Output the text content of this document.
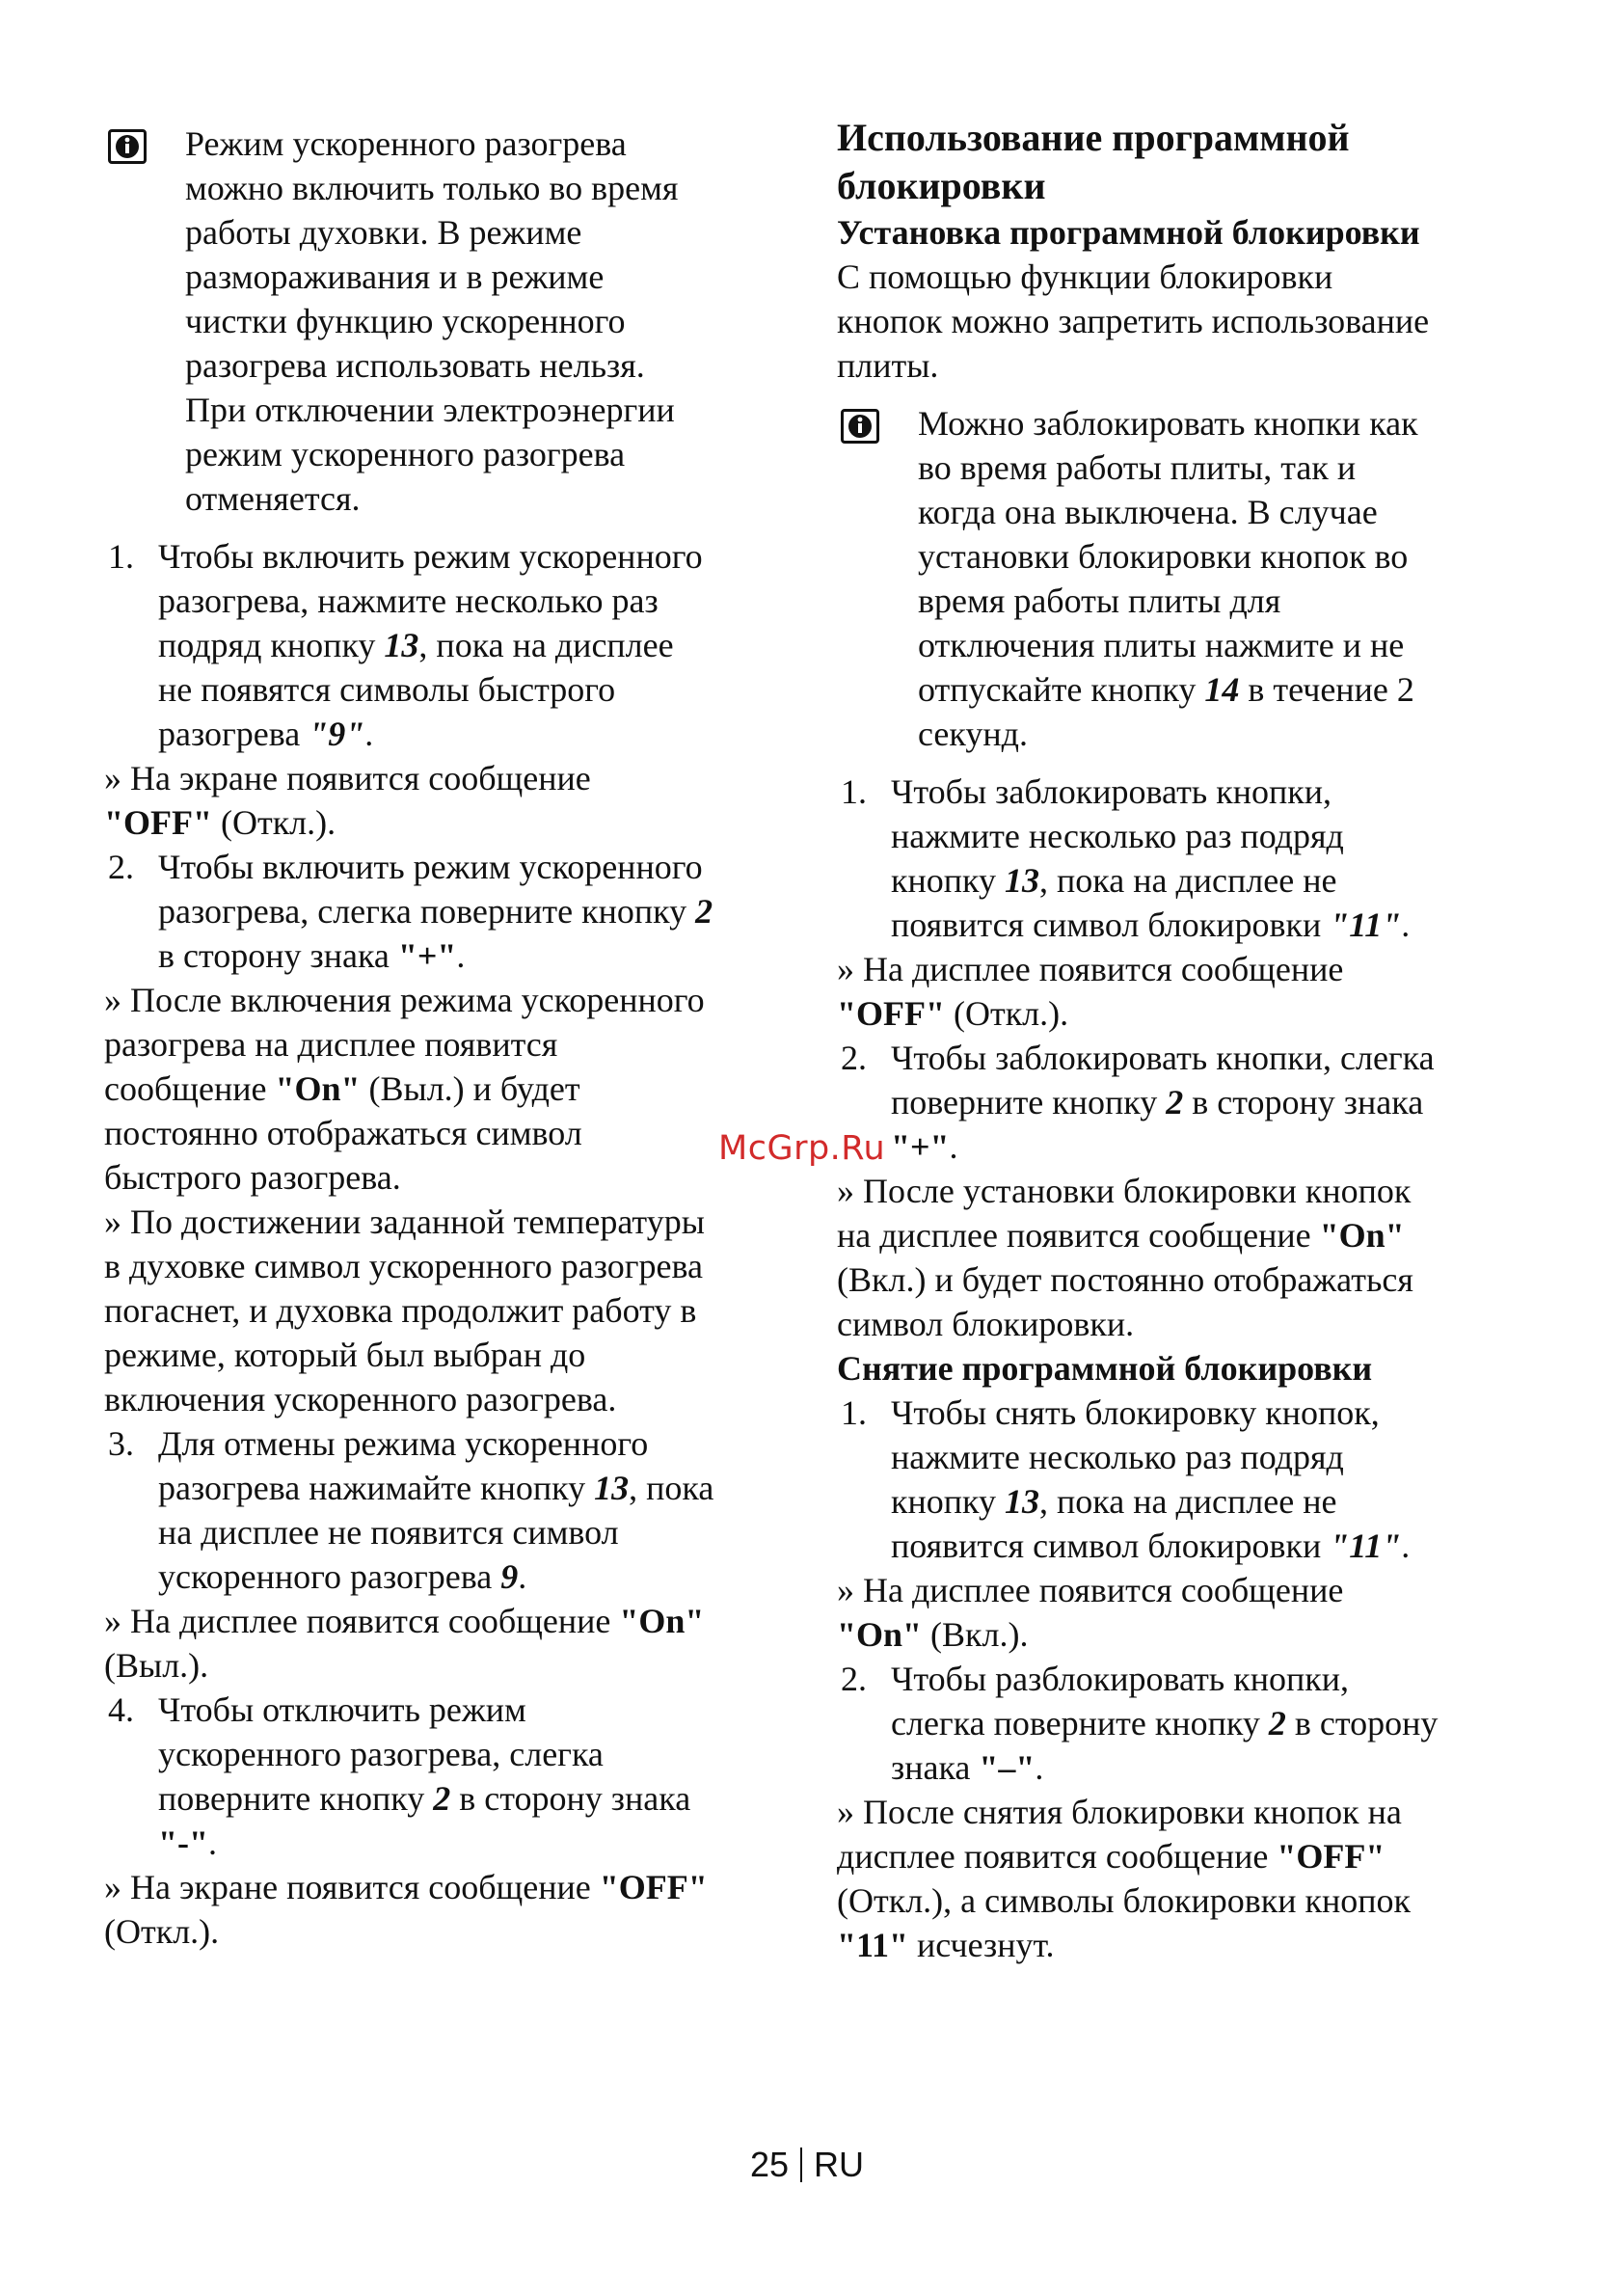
Режим ускоренного разогрева

можно включить только во время

работы духовки. В режиме

размораживания и в режиме

чистки функцию ускоренного

разогрева использовать нельзя.

При отключении электроэнергии

режим ускоренного разогрева

отменяется.

1. Чтобы включить режим ускоренного

разогрева, нажмите несколько раз

подряд кнопку 13, пока на дисплее

не появятся символы быстрого

разогрева "9".

» На экране появится сообщение

"OFF" (Откл.).

2. Чтобы включить режим ускоренного

разогрева, слегка поверните кнопку 2

в сторону знака "+".

» После включения режима ускоренного

разогрева на дисплее появится

сообщение "On" (Выл.) и будет

постоянно отображаться символ

быстрого разогрева.

» По достижении заданной температуры

в духовке символ ускоренного разогрева

погаснет, и духовка продолжит работу в

режиме, который был выбран до

включения ускоренного разогрева.

3. Для отмены режима ускоренного

разогрева нажимайте кнопку 13, пока

на дисплее не появится символ

ускоренного разогрева 9.

» На дисплее появится сообщение "On"

(Выл.).

4. Чтобы отключить режим

ускоренного разогрева, слегка

поверните кнопку 2 в сторону знака

"-".

» На экране появится сообщение "OFF"

(Откл.).

Использование программной
блокировки
Установка программной блокировки

С помощью функции блокировки

кнопок можно запретить использование

плиты.

Можно заблокировать кнопки как

во время работы плиты, так и

когда она выключена. В случае

установки блокировки кнопок во

время работы плиты для

отключения плиты нажмите и не

отпускайте кнопку 14 в течение 2

секунд.

1. Чтобы заблокировать кнопки,

нажмите несколько раз подряд

кнопку 13, пока на дисплее не

появится символ блокировки "11".

» На дисплее появится сообщение

"OFF" (Откл.).

2. Чтобы заблокировать кнопки, слегка

поверните кнопку 2 в сторону знака

"+".

» После установки блокировки кнопок

на дисплее появится сообщение "On"

(Вкл.) и будет постоянно отображаться

символ блокировки.

Снятие программной блокировки
1. Чтобы снять блокировку кнопок,

нажмите несколько раз подряд

кнопку 13, пока на дисплее не

появится символ блокировки "11".

» На дисплее появится сообщение

"On" (Вкл.).

2. Чтобы разблокировать кнопки,

слегка поверните кнопку 2 в сторону

знака "–".

» После снятия блокировки кнопок на

дисплее появится сообщение "OFF"

(Откл.), а символы блокировки кнопок

"11" исчезнут.

McGrp.Ru
25 RU
